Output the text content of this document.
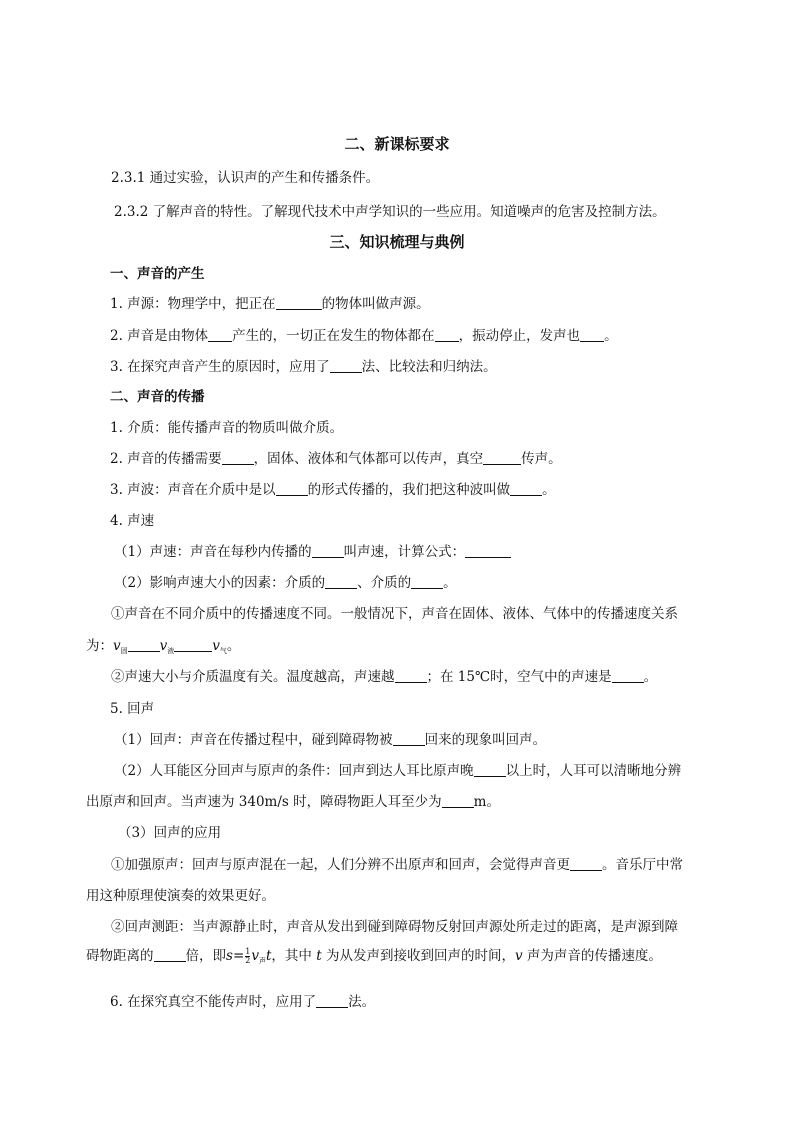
二、新课标要求
2.3.1 通过实验，认识声的产生和传播条件。
2.3.2 了解声音的特性。了解现代技术中声学知识的一些应用。知道噪声的危害及控制方法。
三、知识梳理与典例
一、声音的产生
1. 声源：物理学中，把正在	的物体叫做声源。
2. 声音是由物体 产生的，一切正在发生的物体都在 ，振动停止，发声也 。
3. 在探究声音产生的原因时，应用了 法、比较法和归纳法。
二、声音的传播
1. 介质：能传播声音的物质叫做介质。
2. 声音的传播需要 ，固体、液体和气体都可以传声，真空	传声。
3. 声波：声音在介质中是以 的形式传播的，我们把这种波叫做 。
4. 声速
（1）声速：声音在每秒内传播的 叫声速，计算公式：
（2）影响声速大小的因素：介质的 、介质的 。
①声音在不同介质中的传播速度不同。一般情况下，声音在固体、液体、气体中的传播速度关系
为：$v_固$ $v_液$	$v_气$。
②声速大小与介质温度有关。温度越高，声速越 ；在 15℃时，空气中的声速是 。
5. 回声
（1）回声：声音在传播过程中，碰到障碍物被 回来的现象叫回声。
（2）人耳能区分回声与原声的条件：回声到达人耳比原声晚 以上时，人耳可以清晰地分辨
出原声和回声。当声速为 340m/s 时，障碍物距人耳至少为 m。
（3）回声的应用
①加强原声：回声与原声混在一起，人们分辨不出原声和回声，会觉得声音更 。音乐厅中常
用这种原理使演奏的效果更好。
②回声测距：当声源静止时，声音从发出到碰到障碍物反射回声源处所走过的距离，是声源到障
碍物距离的 倍，即$s= \frac{1}{2} v_声t$，其中 t 为从发声到接收到回声的时间，v 声为声音的传播速度。
6. 在探究真空不能传声时，应用了 法。
